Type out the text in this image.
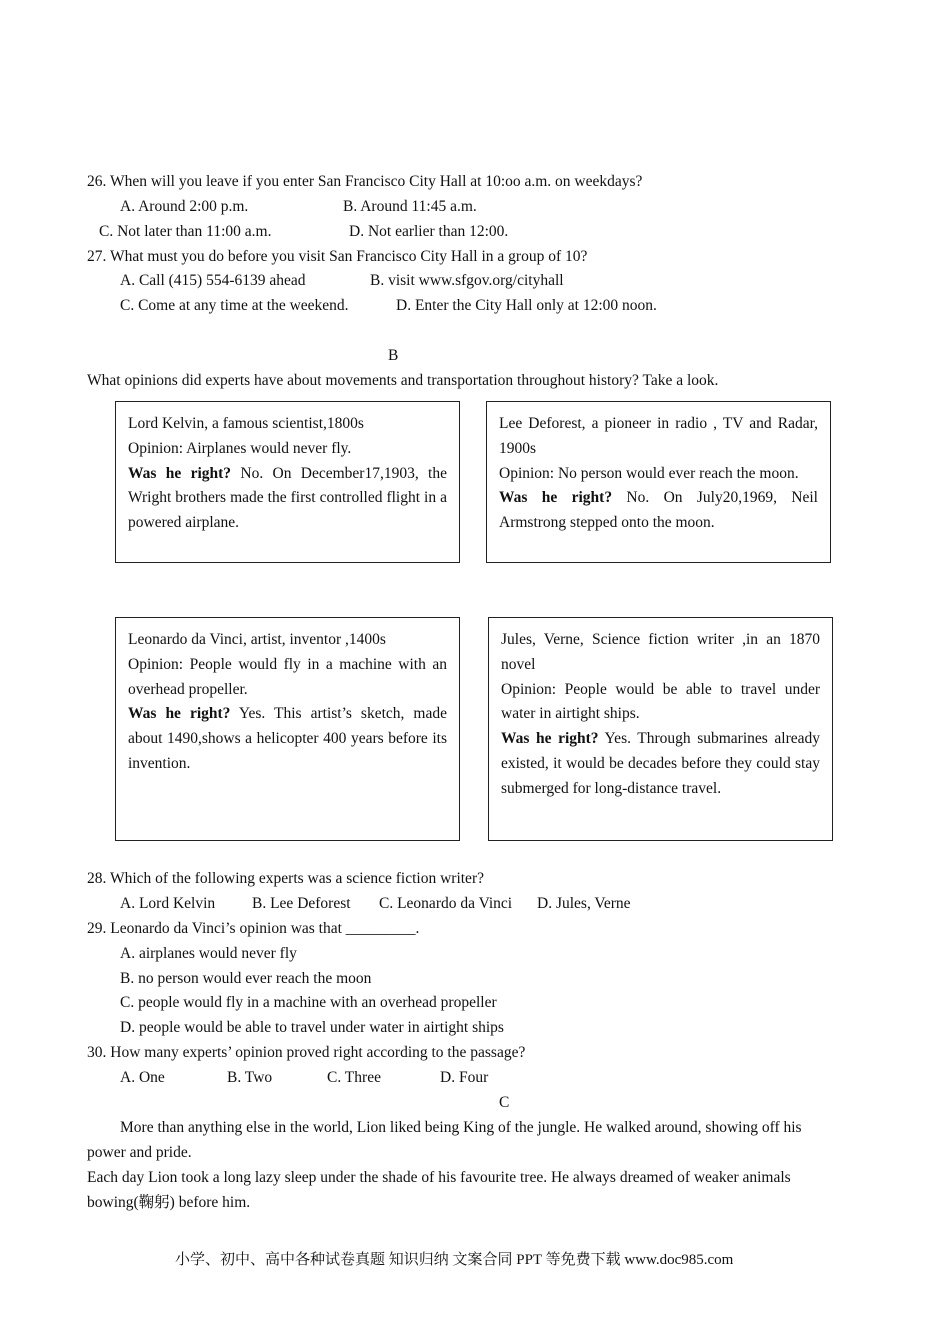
26. When will you leave if you enter San Francisco City Hall at 10:oo a.m. on weekdays?
A. Around 2:00 p.m.	B. Around 11:45 a.m.
C. Not later than 11:00 a.m.	D. Not earlier than 12:00.
27. What must you do before you visit San Francisco City Hall in a group of 10?
A. Call (415) 554-6139 ahead	B. visit www.sfgov.org/cityhall
C. Come at any time at the weekend.	D. Enter the City Hall only at 12:00 noon.
B
What opinions did experts have about movements and transportation throughout history? Take a look.
Lord Kelvin, a famous scientist,1800s
Opinion: Airplanes would never fly.
Was he right? No. On December17,1903, the Wright brothers made the first controlled flight in a powered airplane.
Lee Deforest, a pioneer in radio , TV and Radar, 1900s
Opinion: No person would ever reach the moon.
Was he right? No. On July20,1969, Neil Armstrong stepped onto the moon.
Leonardo da Vinci, artist, inventor ,1400s
Opinion: People would fly in a machine with an overhead propeller.
Was he right? Yes. This artist’s sketch, made about 1490,shows a helicopter 400 years before its invention.
Jules, Verne, Science fiction writer ,in an 1870 novel
Opinion: People would be able to travel under water in airtight ships.
Was he right? Yes. Through submarines already existed, it would be decades before they could stay submerged for long-distance travel.
28. Which of the following experts was a science fiction writer?
A. Lord Kelvin B. Lee Deforest C. Leonardo da Vinci D. Jules, Verne
29. Leonardo da Vinci’s opinion was that _________.
A. airplanes would never fly
B. no person would ever reach the moon
C. people would fly in a machine with an overhead propeller
D. people would be able to travel under water in airtight ships
30. How many experts’ opinion proved right according to the passage?
A. One	B. Two	C. Three	D. Four
C
More than anything else in the world, Lion liked being King of the jungle. He walked around, showing off his
power and pride.
Each day Lion took a long lazy sleep under the shade of his favourite tree. He always dreamed of weaker animals
bowing(鞠躬) before him.
小学、初中、高中各种试卷真题 知识归纳 文案合同 PPT 等免费下载 www.doc985.com
